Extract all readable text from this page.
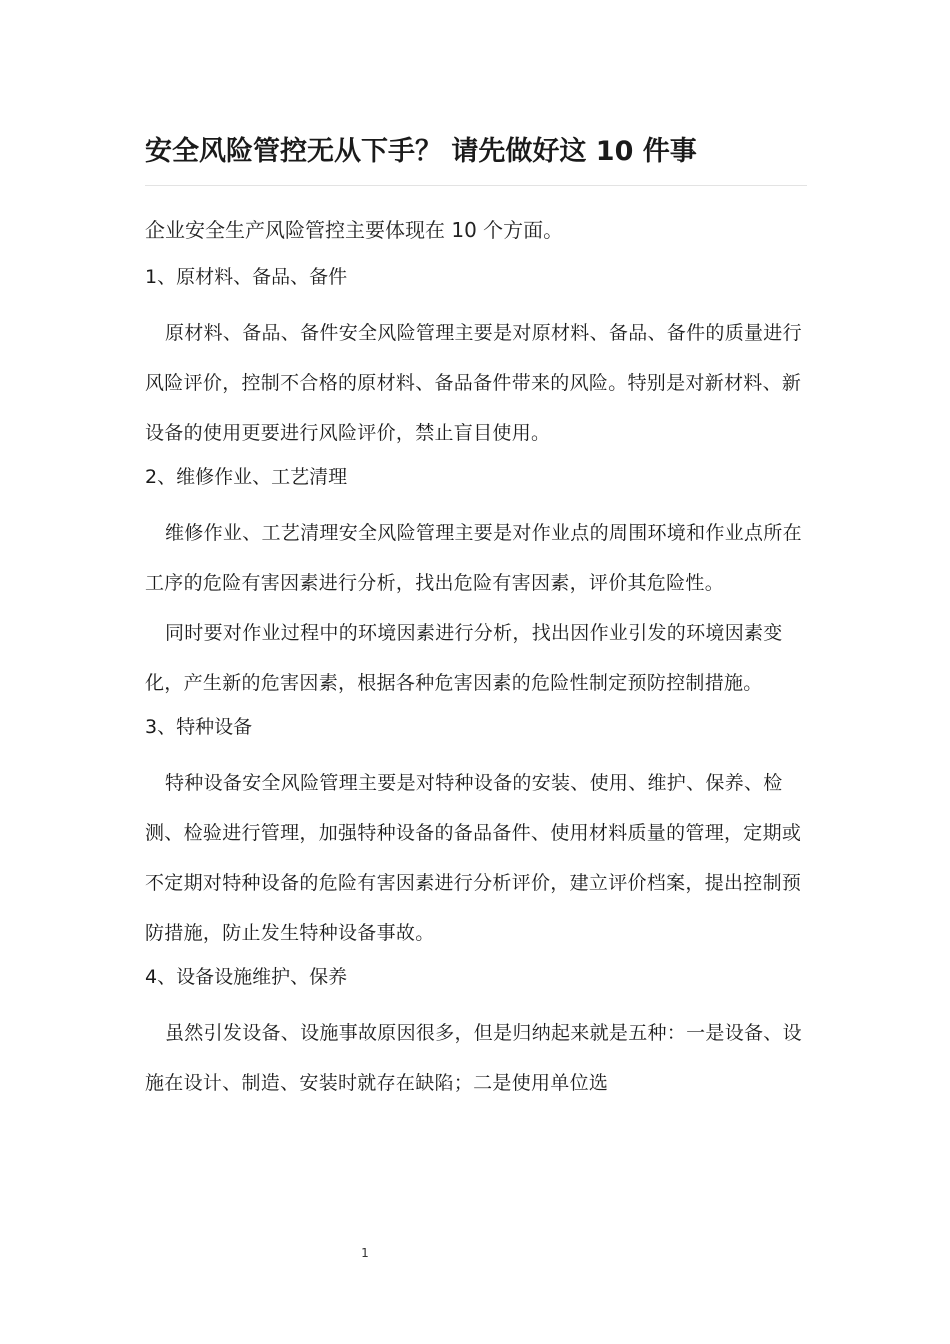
安全风险管控无从下手？ 请先做好这 10 件事

企业安全生产风险管控主要体现在 10 个方面。

1、原材料、备品、备件

原材料、备品、备件安全风险管理主要是对原材料、备品、备件的质量进行风险评价，控制不合格的原材料、备品备件带来的风险。特别是对新材料、新设备的使用更要进行风险评价，禁止盲目使用。

2、维修作业、工艺清理

维修作业、工艺清理安全风险管理主要是对作业点的周围环境和作业点所在工序的危险有害因素进行分析，找出危险有害因素，评价其危险性。

同时要对作业过程中的环境因素进行分析，找出因作业引发的环境因素变化，产生新的危害因素，根据各种危害因素的危险性制定预防控制措施。

3、特种设备

特种设备安全风险管理主要是对特种设备的安装、使用、维护、保养、检测、检验进行管理，加强特种设备的备品备件、使用材料质量的管理，定期或不定期对特种设备的危险有害因素进行分析评价，建立评价档案，提出控制预防措施，防止发生特种设备事故。

4、设备设施维护、保养

虽然引发设备、设施事故原因很多，但是归纳起来就是五种：一是设备、设施在设计、制造、安装时就存在缺陷；二是使用单位选

1
